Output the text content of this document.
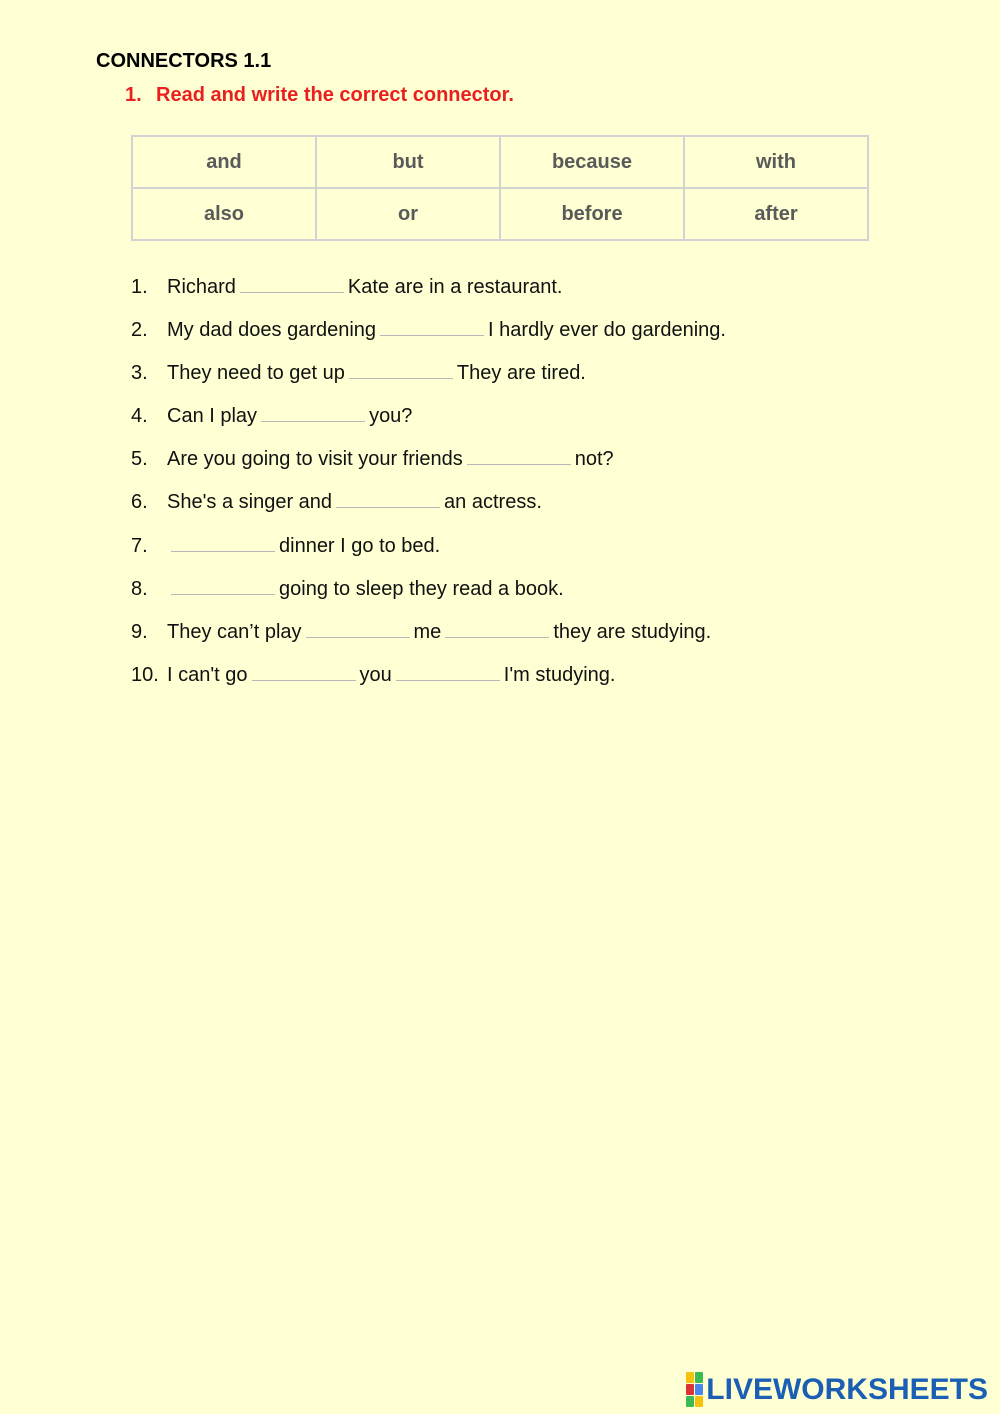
CONNECTORS 1.1
1. Read and write the correct connector.
and	but	because	with
also	or	before	after
1. Richard	Kate are in a restaurant.
2. My dad does gardening	I hardly ever do gardening.
3. They need to get up	They are tired.
4. Can I play	you?
5. Are you going to visit your friends	not?
6. She's a singer and	an actress.
7.	dinner I go to bed.
8.	going to sleep they read a book.
9. They can’t play	me	they are studying.
10. I can't go	you	I'm studying.
LIVEWORKSHEETS
